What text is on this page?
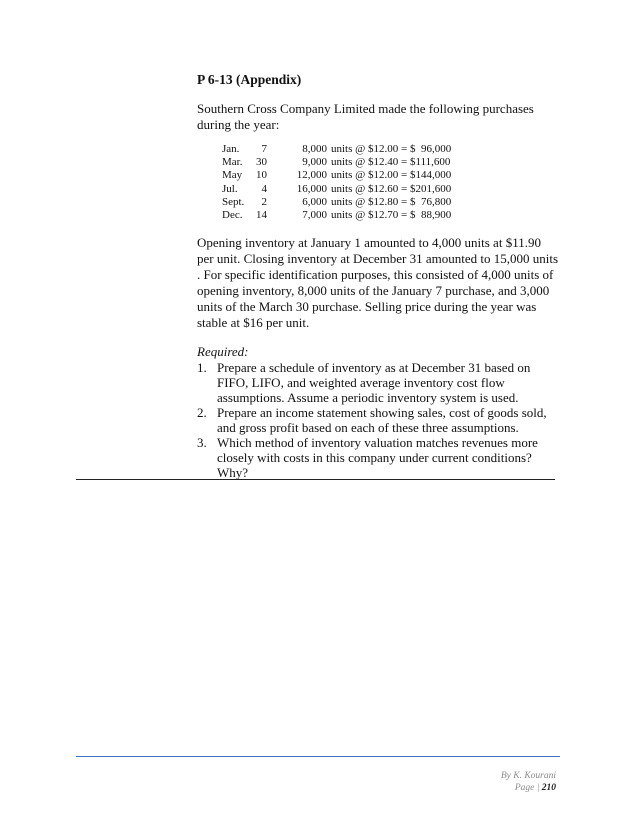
P 6-13 (Appendix)

Southern Cross Company Limited made the following purchases during the year:

Jan.	7	8,000 units @ $12.00 = $  96,000
Mar.	30	9,000 units @ $12.40 = $111,600
May	10	12,000 units @ $12.00 = $144,000
Jul.	4	16,000 units @ $12.60 = $201,600
Sept.	2	6,000 units @ $12.80 = $  76,800
Dec.	14	7,000 units @ $12.70 = $  88,900

Opening inventory at January 1 amounted to 4,000 units at $11.90 per unit. Closing inventory at December 31 amounted to 15,000 units . For specific identification purposes, this consisted of 4,000 units of opening inventory, 8,000 units of the January 7 purchase, and 3,000 units of the March 30 purchase. Selling price during the year was stable at $16 per unit.

Required:

1. Prepare a schedule of inventory as at December 31 based on FIFO, LIFO, and weighted average inventory cost flow assumptions. Assume a periodic inventory system is used.
2. Prepare an income statement showing sales, cost of goods sold, and gross profit based on each of these three assumptions.
3. Which method of inventory valuation matches revenues more closely with costs in this company under current conditions? Why?
By K. Kourani
Page | 210
